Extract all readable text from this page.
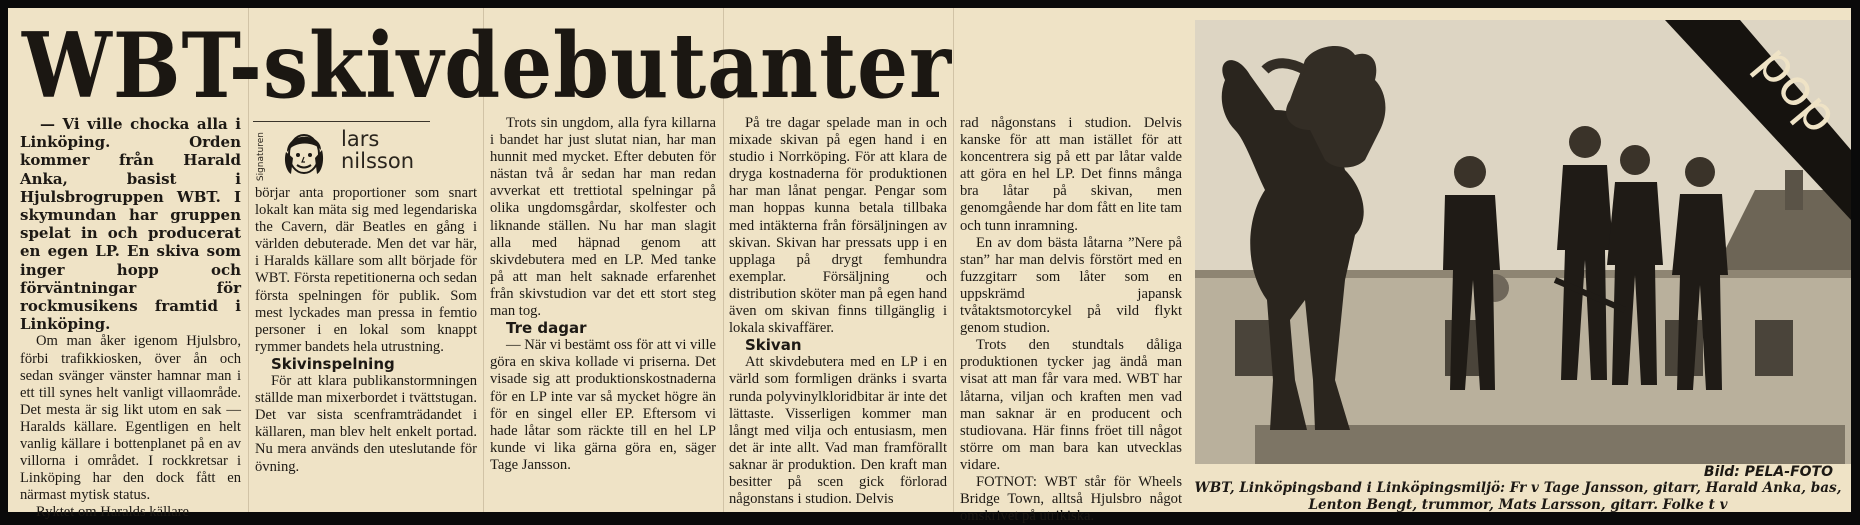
WBT-skivdebutanter

— Vi ville chocka alla i Linköping. Orden kommer från Harald Anka, basist i Hjulsbrogruppen WBT. I skymundan har gruppen spelat in och producerat en egen LP. En skiva som inger hopp och förväntningar för rockmusikens framtid i Linköping.

Om man åker igenom Hjulsbro, förbi trafikkiosken, över ån och sedan svänger vänster hamnar man i ett till synes helt vanligt villaområde. Det mesta är sig likt utom en sak — Haralds källare. Egentligen en helt vanlig källare i bottenplanet på en av villorna i området. I rockkretsar i Linköping har den dock fått en närmast mytisk status.

Ryktet om Haralds källare

Signaturen	lars
nilsson

börjar anta proportioner som snart lokalt kan mäta sig med legendariska the Cavern, där Beatles en gång i världen debuterade. Men det var här, i Haralds källare som allt började för WBT. Första repetitionerna och sedan första spelningen för publik. Som mest lyckades man pressa in femtio personer i en lokal som knappt rymmer bandets hela utrustning.

Skivinspelning

För att klara publikanstormningen ställde man mixerbordet i tvättstugan. Det var sista scenframträdandet i källaren, man blev helt enkelt portad. Nu mera används den uteslutande för övning.

Trots sin ungdom, alla fyra killarna i bandet har just slutat nian, har man hunnit med mycket. Efter debuten för nästan två år sedan har man redan avverkat ett trettiotal spelningar på olika ungdomsgårdar, skolfester och liknande ställen. Nu har man slagit alla med häpnad genom att skivdebutera med en LP. Med tanke på att man helt saknade erfarenhet från skivstudion var det ett stort steg man tog.

Tre dagar

— När vi bestämt oss för att vi ville göra en skiva kollade vi priserna. Det visade sig att produktionskostnaderna för en LP inte var så mycket högre än för en singel eller EP. Eftersom vi hade låtar som räckte till en hel LP kunde vi lika gärna göra en, säger Tage Jansson.

På tre dagar spelade man in och mixade skivan på egen hand i en studio i Norrköping. För att klara de dryga kostnaderna för produktionen har man lånat pengar. Pengar som man hoppas kunna betala tillbaka med intäkterna från försäljningen av skivan. Skivan har pressats upp i en upplaga på drygt femhundra exemplar. Försäljning och distribution sköter man på egen hand även om skivan finns tillgänglig i lokala skivaffärer.

Skivan

Att skivdebutera med en LP i en värld som formligen dränks i svarta runda polyvinylkloridbitar är inte det lättaste. Visserligen kommer man långt med vilja och entusiasm, men det är inte allt. Vad man framförallt saknar är produktion. Den kraft man besitter på scen gick förlorad någonstans i studion. Delvis

rad någonstans i studion. Delvis kanske för att man istället för att koncentrera sig på ett par låtar valde att göra en hel LP. Det finns många bra låtar på skivan, men genomgående har dom fått en lite tam och tunn inramning.

En av dom bästa låtarna ”Nere på stan” har man delvis förstört med en fuzzgitarr som låter som en uppskrämd japansk tvåtaktsmotorcykel på vild flykt genom studion.

Trots den stundtals dåliga produktionen tycker jag ändå man visat att man får vara med. WBT har låtarna, viljan och kraften men vad man saknar är en producent och studiovana. Här finns fröet till något större om man bara kan utvecklas vidare.

FOTNOT: WBT står för Wheels Bridge Town, alltså Hjulsbro något omskrivet på utrikiska.

pop
Bild: PELA-FOTO
WBT, Linköpingsband i Linköpingsmiljö: Fr v Tage Jansson, gitarr, Harald Anka, bas, Lenton Bengt, trummor, Mats Larsson, gitarr. Folke t v
